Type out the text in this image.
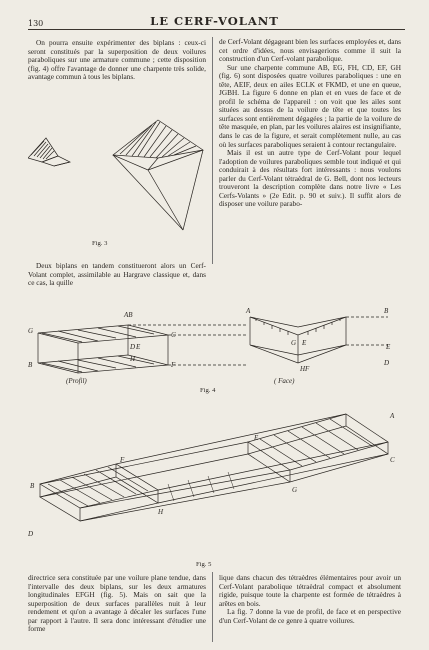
130	LE CERF-VOLANT

On pourra ensuite expérimenter des biplans : ceux-ci seront constitués par la superposition de deux voilures paraboliques sur une armature commune ; cette disposition (fig. 4) offre l'avantage de donner une charpente très solide, avantage commun à tous les biplans.

Fig. 3

Deux biplans en tandem constitueront alors un Cerf-Volant complet, assimilable au Hargrave classique et, dans ce cas, la quille

de Cerf-Volant dégageant bien les surfaces employées et, dans cet ordre d'idées, nous envisagerions comme il suit la construction d'un Cerf-volant parabolique.

Sur une charpente commune AB, EG, FH, CD, EF, GH (fig. 6) sont disposées quatre voilures paraboliques : une en tête, AEIF, deux en ailes ECLK et FKMD, et une en queue, JGBH. La figure 6 donne en plan et en vues de face et de profil le schéma de l'appareil : on voit que les ailes sont situées au dessus de la voilure de tête et que toutes les surfaces sont entièrement dégagées ; la partie de la voilure de tête masquée, en plan, par les voilures alaires est insignifiante, dans le cas de la figure, et serait complètement nulle, au cas où les surfaces paraboliques seraient à contour rectangulaire.

Mais il est un autre type de Cerf-Volant pour lequel l'adoption de voilures paraboliques semble tout indiqué et qui conduirait à des résultats fort intéressants : nous voulons parler du Cerf-Volant tétraèdral de G. Bell, dont nos lecteurs trouveront la description complète dans notre livre « Les Cerfs-Volants » (2e Edit. p. 90 et suiv.). Il suffit alors de disposer une voilure parabo-

AB
G	C
D E
B	F
H
A	B
G E	E
HF
D
(Profil)	( Face)
Fig. 4
A
B
C
D
E
F
G
H
Fig. 5

directrice sera constituée par une voilure plane tendue, dans l'intervalle des deux biplans, sur les deux armatures longitudinales EFGH (fig. 5). Mais on sait que la superposition de deux surfaces parallèles nuit à leur rendement et qu'on a avantage à décaler les surfaces l'une par rapport à l'autre. Il sera donc intéressant d'étudier une forme

lique dans chacun des tétraèdres élémentaires pour avoir un Cerf-Volant parabolique tétraèdral compact et absolument rigide, puisque toute la charpente est formée de tétraèdres à arêtes en bois.

La fig. 7 donne la vue de profil, de face et en perspective d'un Cerf-Volant de ce genre à quatre voilures.
